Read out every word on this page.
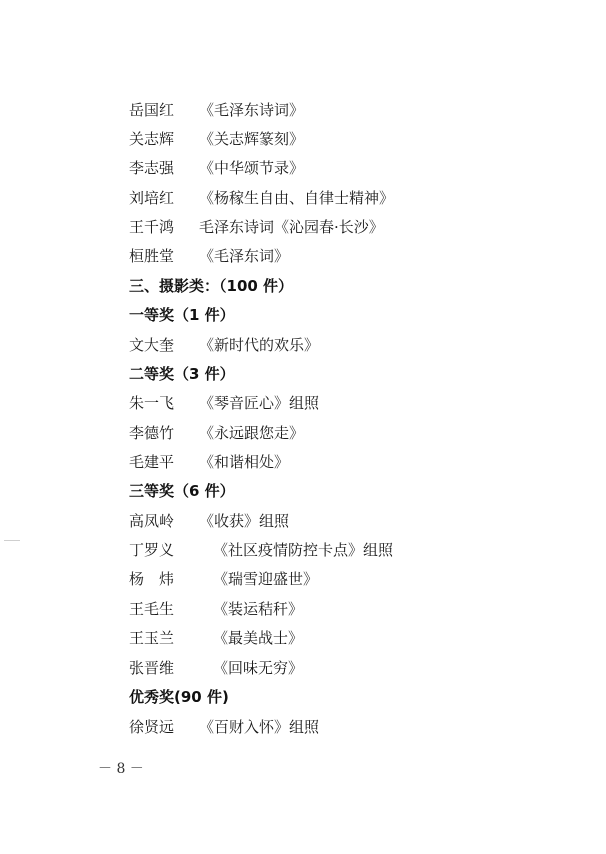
岳国红 《毛泽东诗词》
关志辉 《关志辉篆刻》
李志强 《中华颂节录》
刘培红 《杨稼生自由、自律士精神》
王千鸿 毛泽东诗词《沁园春·长沙》
桓胜堂 《毛泽东词》
三、摄影类：（100 件）
一等奖（1 件）
文大奎 《新时代的欢乐》
二等奖（3 件）
朱一飞 《琴音匠心》组照
李德竹 《永远跟您走》
毛建平 《和谐相处》
三等奖（6 件）
高凤岭 《收获》组照
丁罗义	《社区疫情防控卡点》组照
杨　炜	《瑞雪迎盛世》
王毛生	《装运秸秆》
王玉兰	《最美战士》
张晋维	《回味无穷》
优秀奖(90 件)
徐贤远 《百财入怀》组照
－ 8 －
